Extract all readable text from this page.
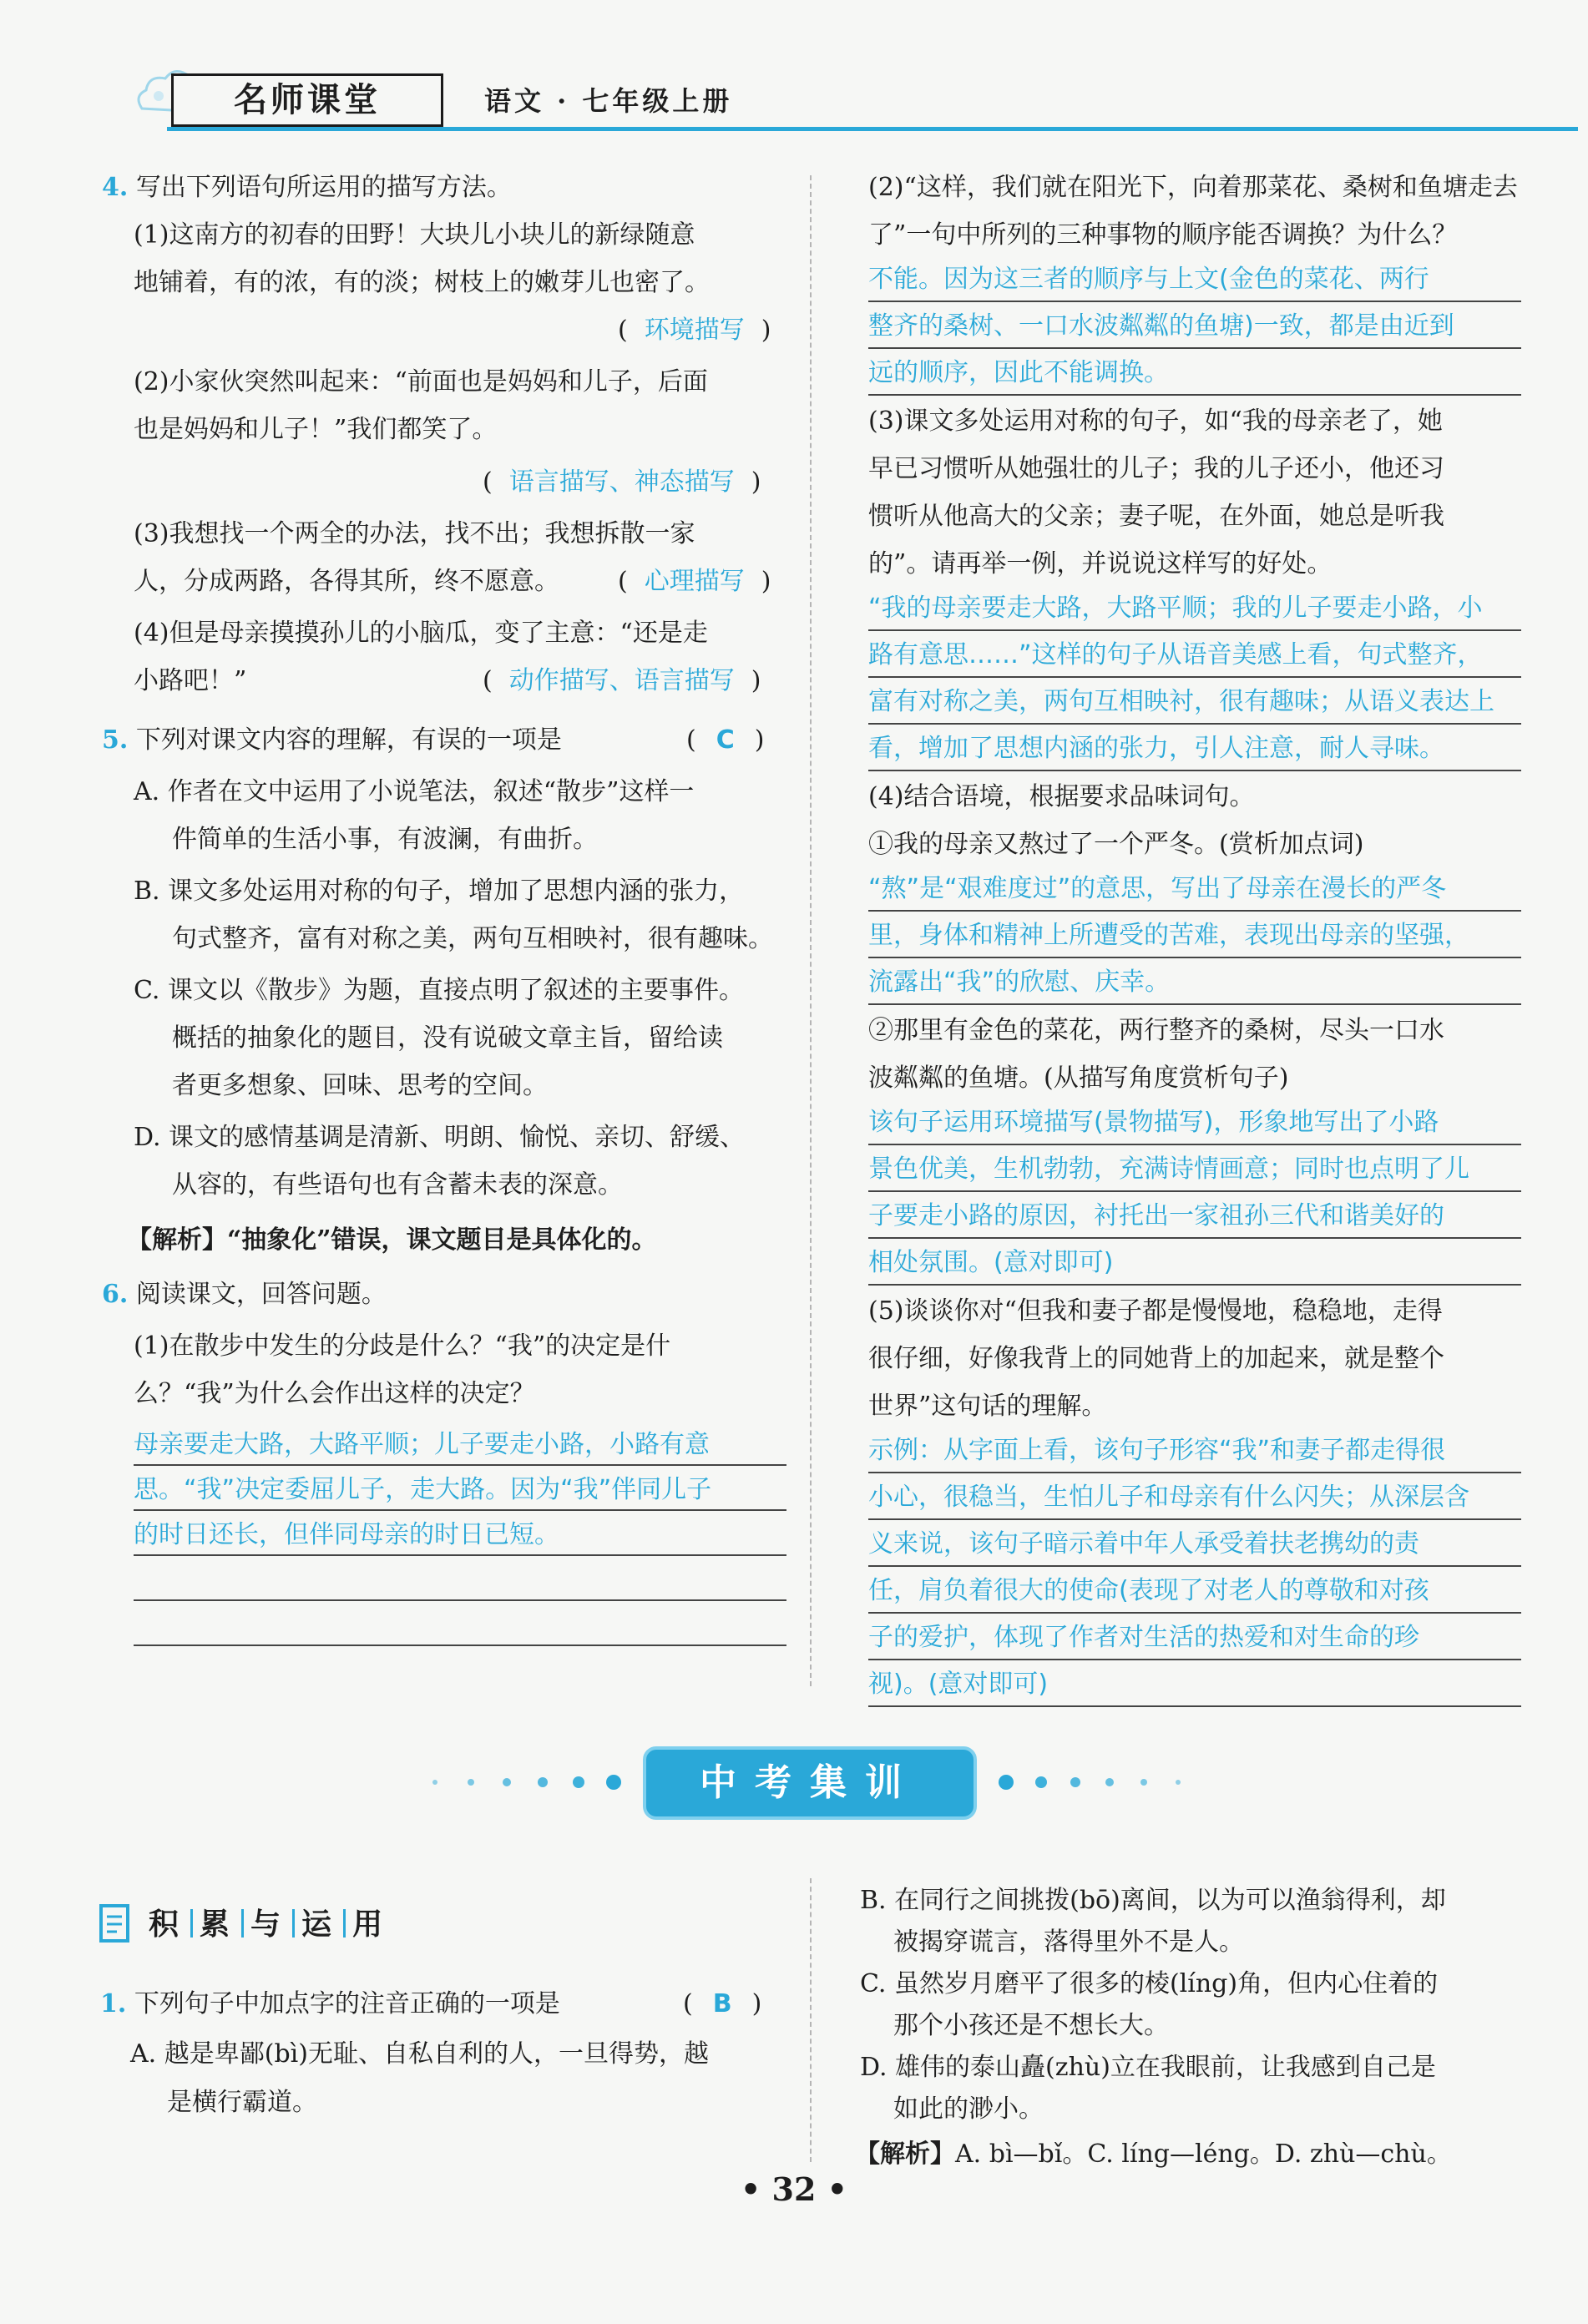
名师课堂	语文 · 七年级上册
4. 写出下列语句所运用的描写方法。
(1)这南方的初春的田野！大块儿小块儿的新绿随意
地铺着，有的浓，有的淡；树枝上的嫩芽儿也密了。
( 环境描写 )
(2)小家伙突然叫起来：“前面也是妈妈和儿子，后面
也是妈妈和儿子！”我们都笑了。
( 语言描写、神态描写 )
(3)我想找一个两全的办法，找不出；我想拆散一家
人，分成两路，各得其所，终不愿意。 ( 心理描写 )
(4)但是母亲摸摸孙儿的小脑瓜，变了主意：“还是走
小路吧！”	( 动作描写、语言描写 )
5. 下列对课文内容的理解，有误的一项是	( C )
A. 作者在文中运用了小说笔法，叙述“散步”这样一
件简单的生活小事，有波澜，有曲折。
B. 课文多处运用对称的句子，增加了思想内涵的张力，
句式整齐，富有对称之美，两句互相映衬，很有趣味。
C. 课文以《散步》为题，直接点明了叙述的主要事件。
概括的抽象化的题目，没有说破文章主旨，留给读
者更多想象、回味、思考的空间。
D. 课文的感情基调是清新、明朗、愉悦、亲切、舒缓、
从容的，有些语句也有含蓄未表的深意。
【解析】“抽象化”错误，课文题目是具体化的。
6. 阅读课文，回答问题。
(1)在散步中发生的分歧是什么？“我”的决定是什
么？“我”为什么会作出这样的决定？
母亲要走大路，大路平顺；儿子要走小路，小路有意
思。“我”决定委屈儿子，走大路。因为“我”伴同儿子
的时日还长，但伴同母亲的时日已短。
(2)“这样，我们就在阳光下，向着那菜花、桑树和鱼塘走去
了”一句中所列的三种事物的顺序能否调换？为什么？
不能。因为这三者的顺序与上文(金色的菜花、两行
整齐的桑树、一口水波粼粼的鱼塘)一致，都是由近到
远的顺序，因此不能调换。
(3)课文多处运用对称的句子，如“我的母亲老了，她
早已习惯听从她强壮的儿子；我的儿子还小，他还习
惯听从他高大的父亲；妻子呢，在外面，她总是听我
的”。请再举一例，并说说这样写的好处。
“我的母亲要走大路，大路平顺；我的儿子要走小路，小
路有意思……”这样的句子从语音美感上看，句式整齐，
富有对称之美，两句互相映衬，很有趣味；从语义表达上
看，增加了思想内涵的张力，引人注意，耐人寻味。
(4)结合语境，根据要求品味词句。
①我的母亲又熬过了一个严冬。(赏析加点词)
“熬”是“艰难度过”的意思，写出了母亲在漫长的严冬
里，身体和精神上所遭受的苦难，表现出母亲的坚强，
流露出“我”的欣慰、庆幸。
②那里有金色的菜花，两行整齐的桑树，尽头一口水
波粼粼的鱼塘。(从描写角度赏析句子)
该句子运用环境描写(景物描写)，形象地写出了小路
景色优美，生机勃勃，充满诗情画意；同时也点明了儿
子要走小路的原因，衬托出一家祖孙三代和谐美好的
相处氛围。(意对即可)
(5)谈谈你对“但我和妻子都是慢慢地，稳稳地，走得
很仔细，好像我背上的同她背上的加起来，就是整个
世界”这句话的理解。
示例：从字面上看，该句子形容“我”和妻子都走得很
小心，很稳当，生怕儿子和母亲有什么闪失；从深层含
义来说，该句子暗示着中年人承受着扶老携幼的责
任，肩负着很大的使命(表现了对老人的尊敬和对孩
子的爱护，体现了作者对生活的热爱和对生命的珍
视)。(意对即可)
中考集训
积 累 与 运 用
1. 下列句子中加点字的注音正确的一项是	( B )
A. 越是卑鄙(bì)无耻、自私自利的人，一旦得势，越
是横行霸道。
B. 在同行之间挑拨(bō)离间，以为可以渔翁得利，却
被揭穿谎言，落得里外不是人。
C. 虽然岁月磨平了很多的棱(líng)角，但内心住着的
那个小孩还是不想长大。
D. 雄伟的泰山矗(zhù)立在我眼前，让我感到自己是
如此的渺小。
【解析】A. bì—bǐ。C. líng—léng。D. zhù—chù。
• 32 •
